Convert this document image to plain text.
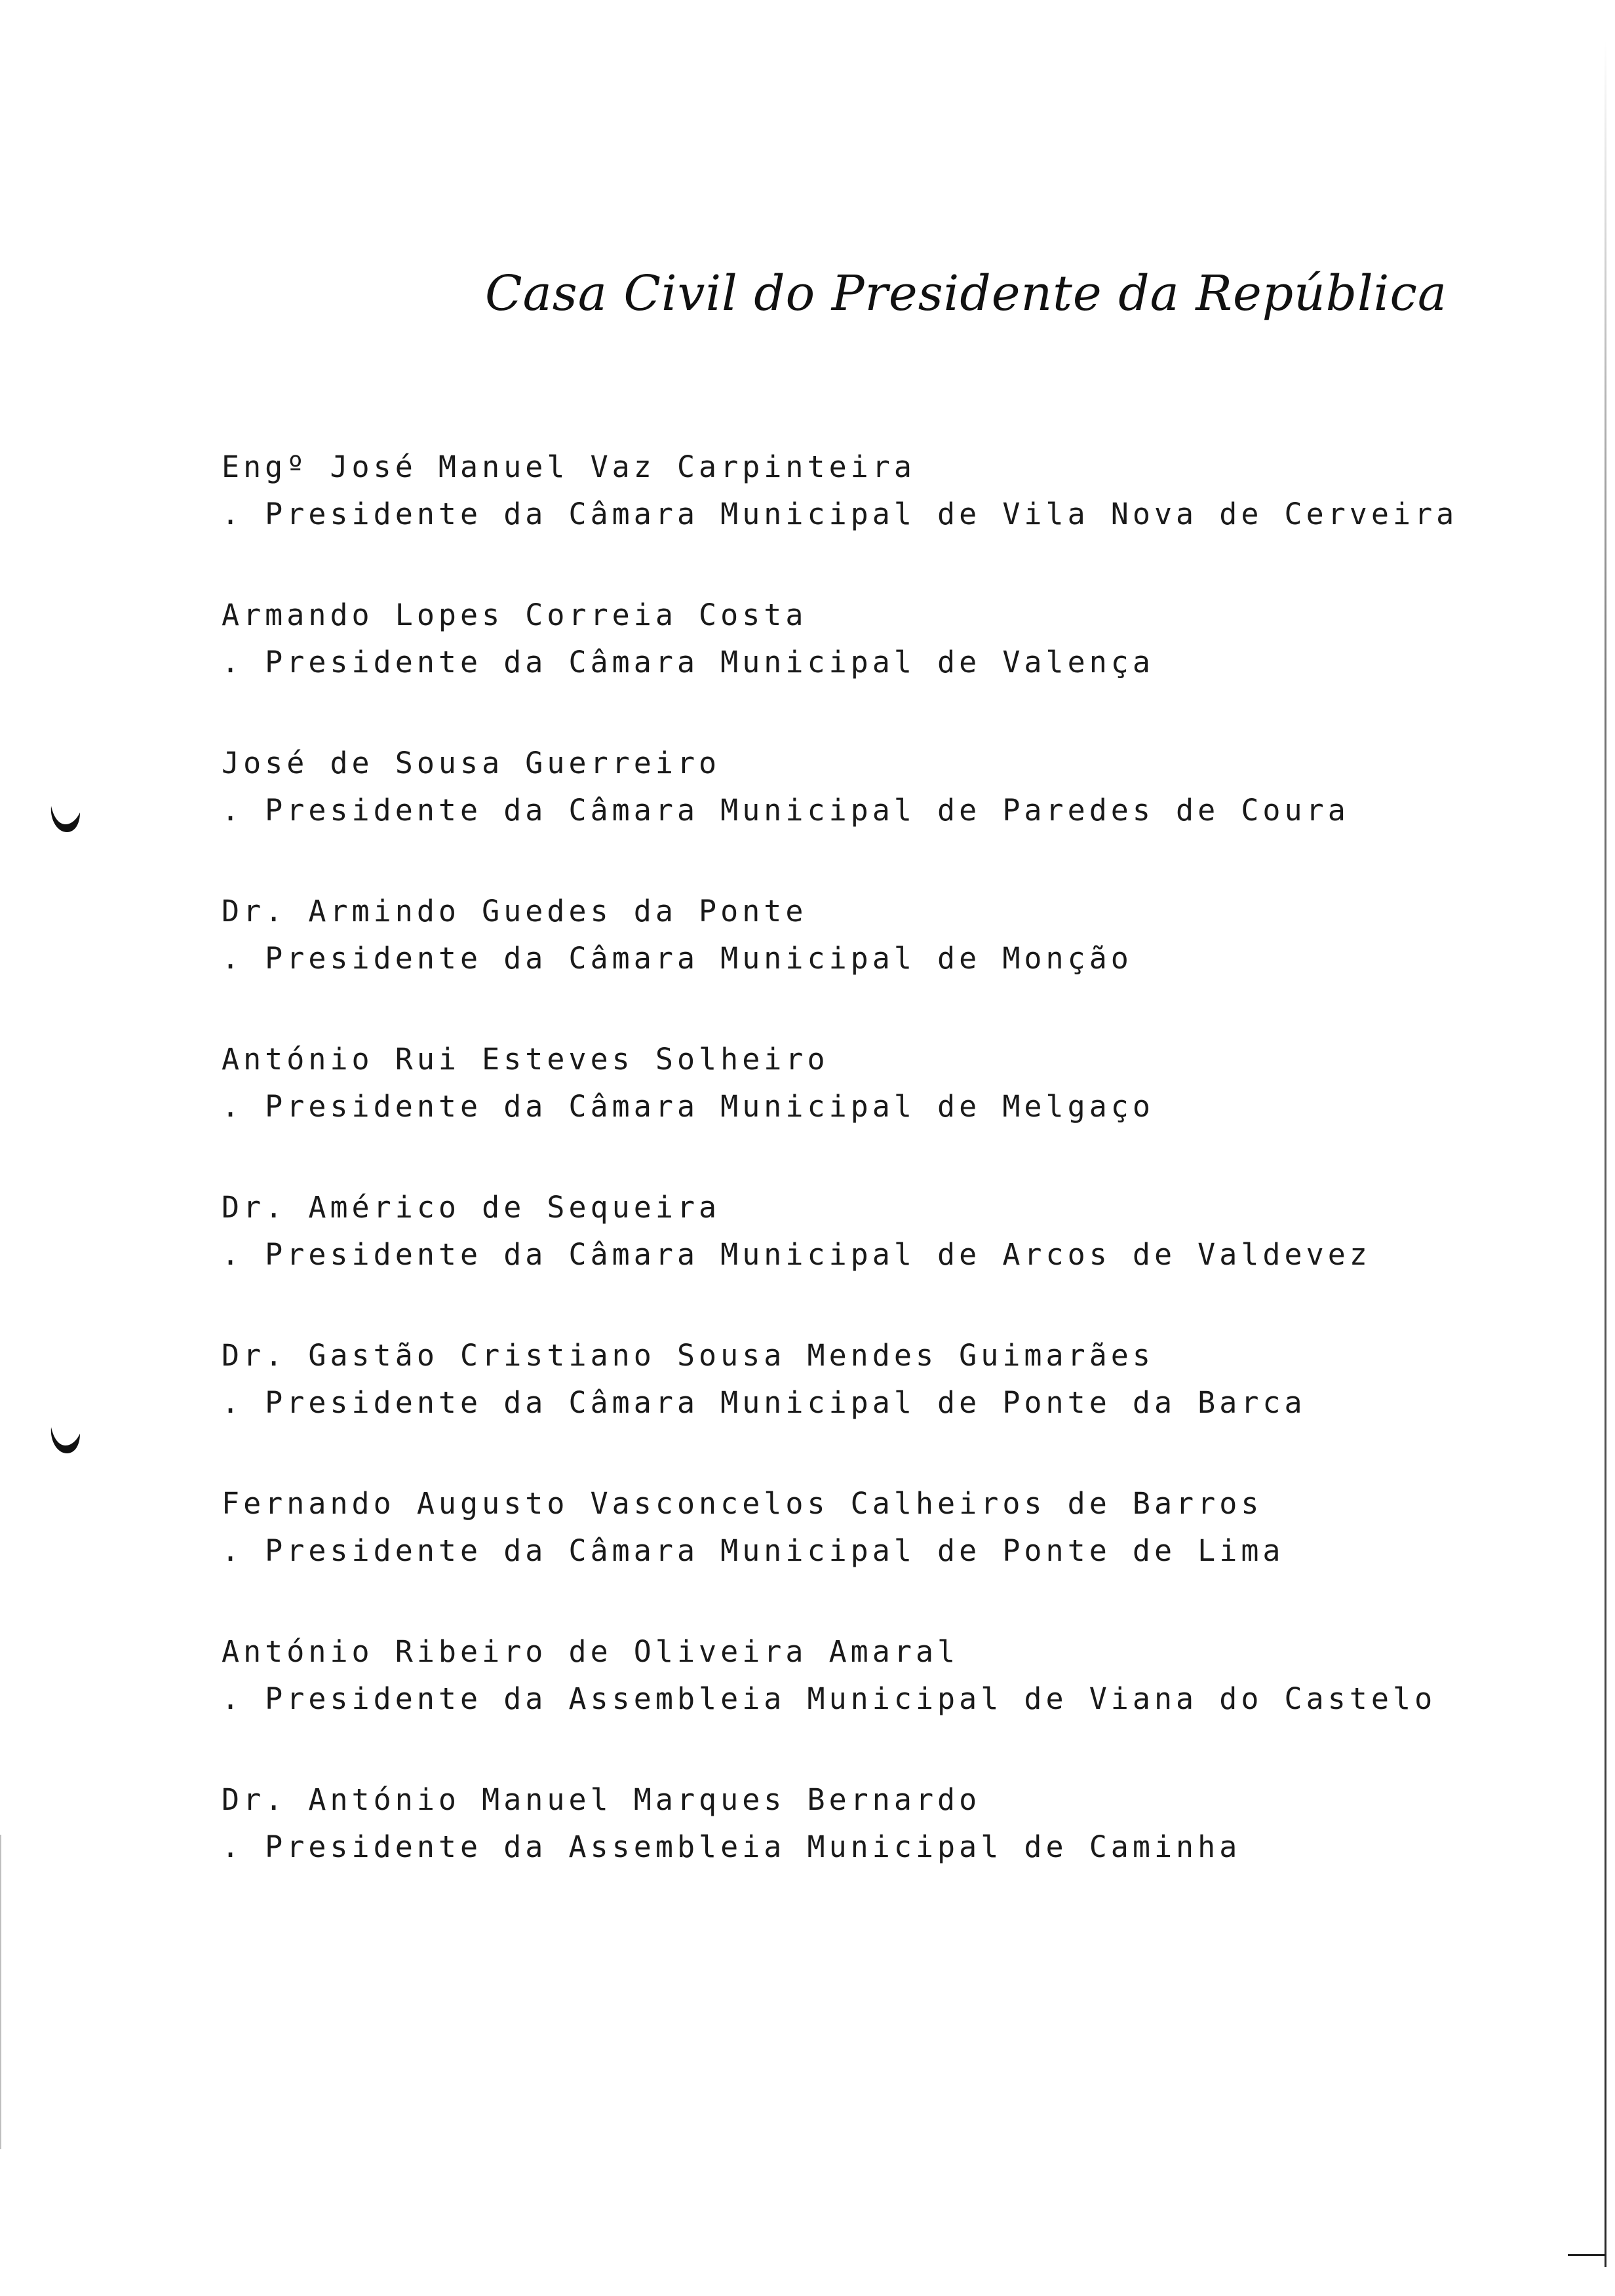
Casa Civil do Presidente da República
Engº José Manuel Vaz Carpinteira
. Presidente da Câmara Municipal de Vila Nova de Cerveira
Armando Lopes Correia Costa
. Presidente da Câmara Municipal de Valença
José de Sousa Guerreiro
. Presidente da Câmara Municipal de Paredes de Coura
Dr. Armindo Guedes da Ponte
. Presidente da Câmara Municipal de Monção
António Rui Esteves Solheiro
. Presidente da Câmara Municipal de Melgaço
Dr. Américo de Sequeira
. Presidente da Câmara Municipal de Arcos de Valdevez
Dr. Gastão Cristiano Sousa Mendes Guimarães
. Presidente da Câmara Municipal de Ponte da Barca
Fernando Augusto Vasconcelos Calheiros de Barros
. Presidente da Câmara Municipal de Ponte de Lima
António Ribeiro de Oliveira Amaral
. Presidente da Assembleia Municipal de Viana do Castelo
Dr. António Manuel Marques Bernardo
. Presidente da Assembleia Municipal de Caminha
